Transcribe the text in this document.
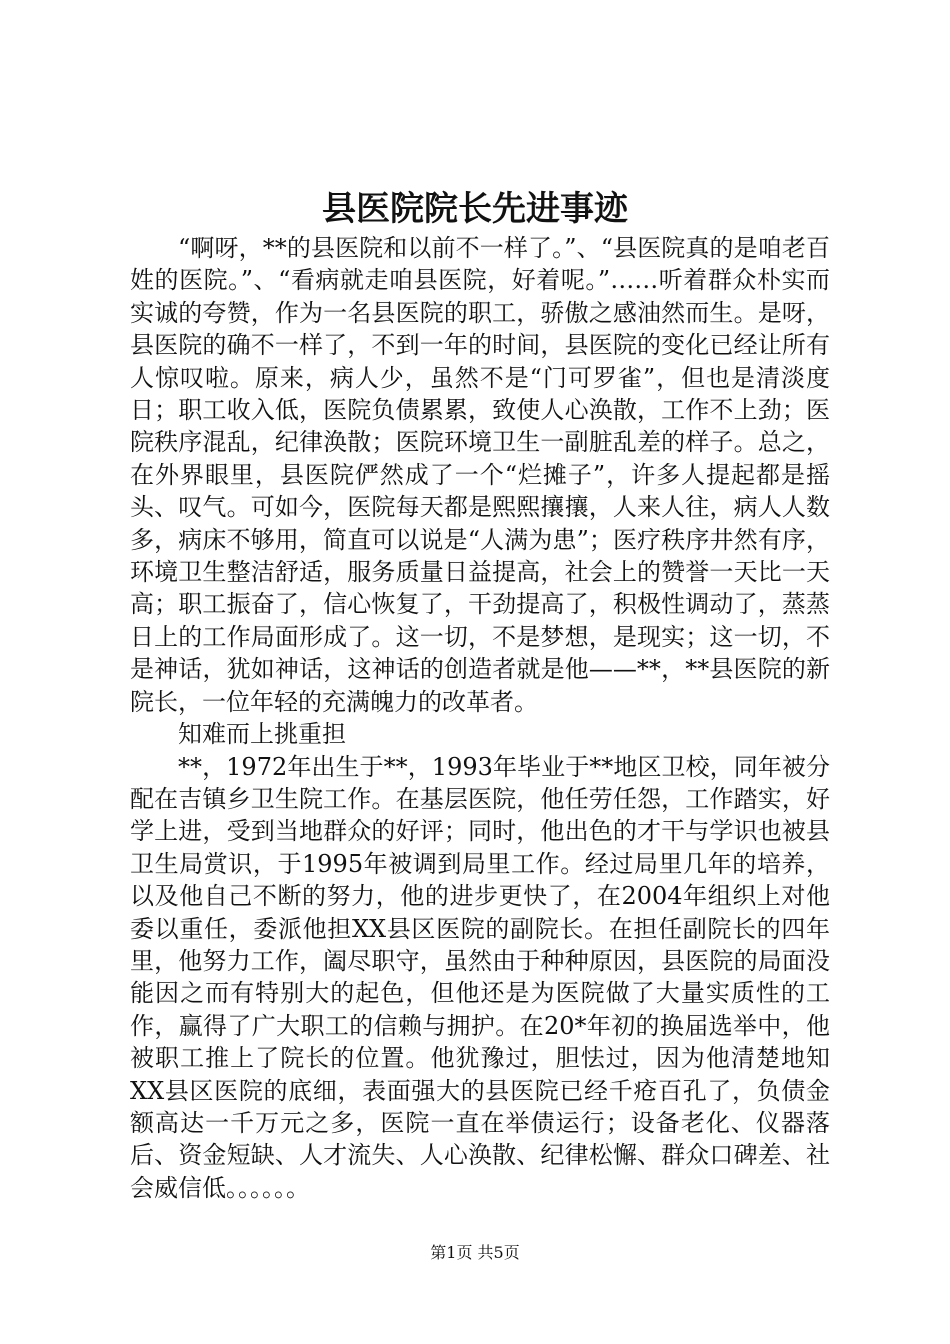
县医院院长先进事迹

“啊呀，**的县医院和以前不一样了。”、“县医院真的是咱老百姓的医院。”、“看病就走咱县医院，好着呢。”……听着群众朴实而实诚的夸赞，作为一名县医院的职工，骄傲之感油然而生。是呀，县医院的确不一样了，不到一年的时间，县医院的变化已经让所有人惊叹啦。原来，病人少，虽然不是“门可罗雀”，但也是清淡度日；职工收入低，医院负债累累，致使人心涣散，工作不上劲；医院秩序混乱，纪律涣散；医院环境卫生一副脏乱差的样子。总之，在外界眼里，县医院俨然成了一个“烂摊子”，许多人提起都是摇头、叹气。可如今，医院每天都是熙熙攘攘，人来人往，病人人数多，病床不够用，简直可以说是“人满为患”；医疗秩序井然有序，环境卫生整洁舒适，服务质量日益提高，社会上的赞誉一天比一天高；职工振奋了，信心恢复了，干劲提高了，积极性调动了，蒸蒸日上的工作局面形成了。这一切，不是梦想，是现实；这一切，不是神话，犹如神话，这神话的创造者就是他——**，**县医院的新院长，一位年轻的充满魄力的改革者。

知难而上挑重担

**，1972年出生于**，1993年毕业于**地区卫校，同年被分配在吉镇乡卫生院工作。在基层医院，他任劳任怨，工作踏实，好学上进，受到当地群众的好评；同时，他出色的才干与学识也被县卫生局赏识，于1995年被调到局里工作。经过局里几年的培养，以及他自己不断的努力，他的进步更快了，在2004年组织上对他委以重任，委派他担XX县区医院的副院长。在担任副院长的四年里，他努力工作，阖尽职守，虽然由于种种原因，县医院的局面没能因之而有特别大的起色，但他还是为医院做了大量实质性的工作，赢得了广大职工的信赖与拥护。在20*年初的换届选举中，他被职工推上了院长的位置。他犹豫过，胆怯过，因为他清楚地知XX县区医院的底细，表面强大的县医院已经千疮百孔了，负债金额高达一千万元之多，医院一直在举债运行；设备老化、仪器落后、资金短缺、人才流失、人心涣散、纪律松懈、群众口碑差、社会威信低。。。。。。

第1页 共5页
